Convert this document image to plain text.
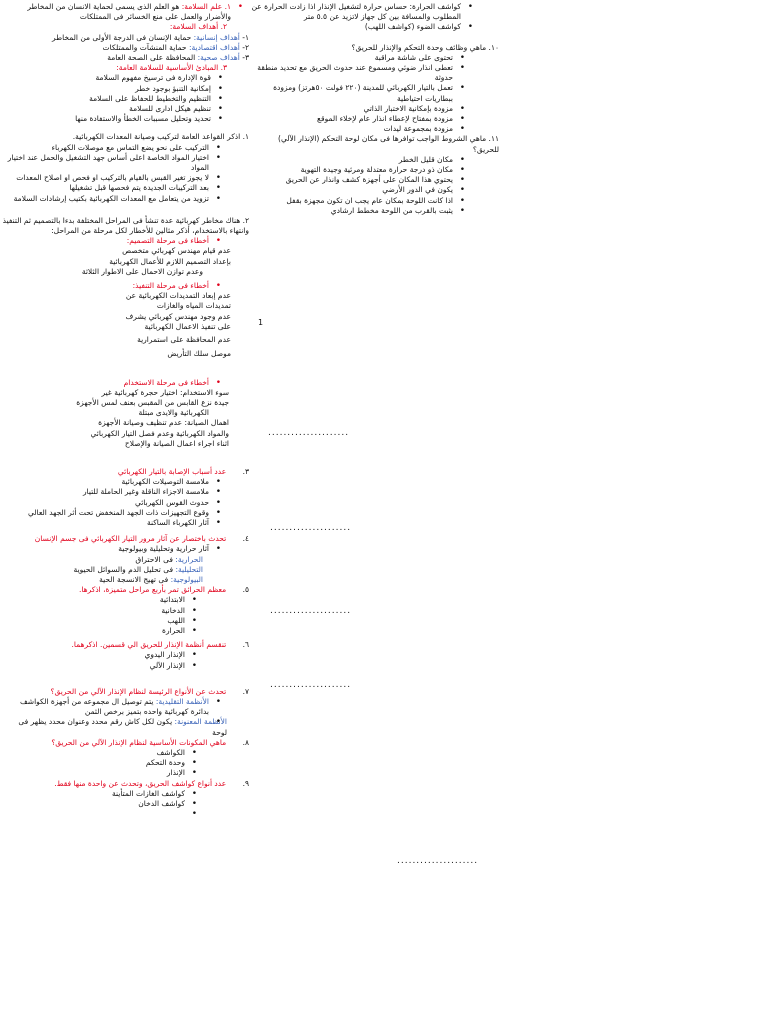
• ١. علم السلامة: هو العلم الذى يسمى لحماية الانسان من المخاطر والأضرار والعمل على منع الخسائر فى الممتلكات
٢. أهداف السلامة:
١- أهداف إنسانية: حماية الإنسان فى الدرجة الأولى من المخاطر
٢- أهداف اقتصادية: حماية المنشآت والممتلكات
٣- أهداف صحية: المحافظة على الصحة العامة
٣. المبادئ الأساسية للسلامة العامة:
• قوة الإدارة فى ترسيخ مفهوم السلامة
• إمكانية التنبؤ بوجود خطر
• التنظيم والتخطيط للحفاظ على السلامة
• تنظيم هيكل ادارى للسلامة
• تحديد وتحليل مسببات الخطأ والاستفادة منها
١. اذكر القواعد العامة لتركيب وصيانة المعدات الكهربائية.
• التركيب على نحو يضع التماس مع موصلات الكهرباء
• اختيار المواد الخاصة اعلى أساس جهد التشغيل والحمل عند اختيار المواد
• لا يجوز تغير القبس بالقيام بالتركيب او فحص او اصلاح المعدات
• بعد التركيبات الجديدة يتم فحصها قبل تشغيلها
• تزويد من يتعامل مع المعدات الكهربائية بكتيب إرشادات السلامة
٢. هناك مخاطر كهربائية عدة تنشأ فى المراحل المختلفة بدءا بالتصميم ثم التنفيذ وانتهاء بالاستخدام، أذكر مثالين للأخطار لكل مرحلة من المراحل:
• أخطاء فى مرحلة التصميم:
عدم قيام مهندس كهربائي متخصص
بإعداد التصميم اللازم للأعمال الكهربائية
وعدم توازن الاحمال على الاطوار الثلاثة
• أخطاء فى مرحلة التنفيذ:
عدم إبعاد التمديدات الكهربائية عن
تمديدات المياه والغازات
عدم وجود مهندس كهربائي يشرف
على تنفيذ الاعمال الكهربائية
عدم المحافظة على استمرارية
موصل سلك التأريض
• أخطاء فى مرحلة الاستخدام
سوء الاستخدام: اختيار حجرة كهربائية غير
جيدة نزع القابس من المقبس بعنف لمس الأجهزة
الكهربائية والايدى مبتلة
اهمال الصيانة: عدم تنظيف وصيانة الأجهزة
والمواد الكهربائية وعدم فصل التيار الكهربائي
اثناء اجراء اعمال الصيانة والإصلاح
٣. عدد أسباب الإصابة بالتيار الكهربائي
• ملامسة التوصيلات الكهربائية
• ملامسة الاجزاء الناقلة وغير الحاملة للتيار
• حدوث القوس الكهربائي
• وقوع التجهيزات ذات الجهد المنخفض تحت أثر الجهد العالي
• آثار الكهرباء الساكنة
٤. تحدث باختصار عن آثار مرور التيار الكهربائي فى جسم الإنسان
• آثار حرارية وتحليلية وبيولوجية
الحرارية: فى الاحتراق
التحليلية: فى تحليل الدم والسوائل الحيوية
البيولوجية: فى تهيج الانسجة الحية
٥. معظم الحرائق تمر بأربع مراحل متميزة، اذكرها.
• الابتدائية
• الدخانية
• اللهب
• الحرارة
٦. تنقسم أنظمة الإنذار للحريق الي قسمين. اذكرهما.
• الإنذار اليدوي
• الإنذار الآلي
٧. تحدث عن الأنواع الرئيسة لنظام الإنذار الآلي من الحريق؟
• الأنظمة التقليدية: يتم توصيل ال مجموعه من أجهزة الكواشف بدائرة كهربائية واحده بتميز برخص الثمن
• الأنظمة المعنونة: يكون لكل كاش رقم محدد وعنوان محدد يظهر فى لوحة
٨. ماهي المكونات الأساسية لنظام الإنذار الآلي من الحريق؟
• الكواشف
• وحدة التحكم
• الإنذار
٩. عدد أنواع كواشف الحريق، وتحدث عن واحدة منها فقط.
• كواشف الغازات المتأينة
• كواشف الدخان
• كواشف الحرارة: حساس حرارة لتشغيل الإنذار اذا زادت الحرارة عن المطلوب والمسافة بين كل جهاز لاتزيد عن ٥.٥ متر
• كواشف الضوء (كواشف اللهب)
١٠. ماهي وظائف وحدة التحكم والإنذار للحريق؟
• تحتوى على شاشة مراقبة
• تعطى انذار ضوئي ومسموع عند حدوث الحريق مع تحديد منطقة حدوثة
• تعمل بالتيار الكهربائي للمدينة (٢٢٠ فولت ٥٠هرتز) ومزودة ببطاريات احتياطية
• مزودة بإمكانية الاختبار الذاتي
• مزودة بمفتاح لإعطاء انذار عام لإخلاء الموقع
• مزودة بمجموعة ليدات
١١. ماهي الشروط الواجب توافرها فى مكان لوحة التحكم (الإنذار الآلي) للحريق؟
• مكان قليل الخطر
• مكان ذو درجة حرارة معتدلة ومرئية وجيدة التهوية
• يحتوي هذا المكان على أجهزة كشف وانذار عن الحريق
• يكون في الدور الأرضي
• اذا كانت اللوحة بمكان عام يجب ان تكون مجهزة بقفل
• يثبت بالقرب من اللوحة مخطط ارشادي
1
.....................
.....................
.....................
.....................
.....................
